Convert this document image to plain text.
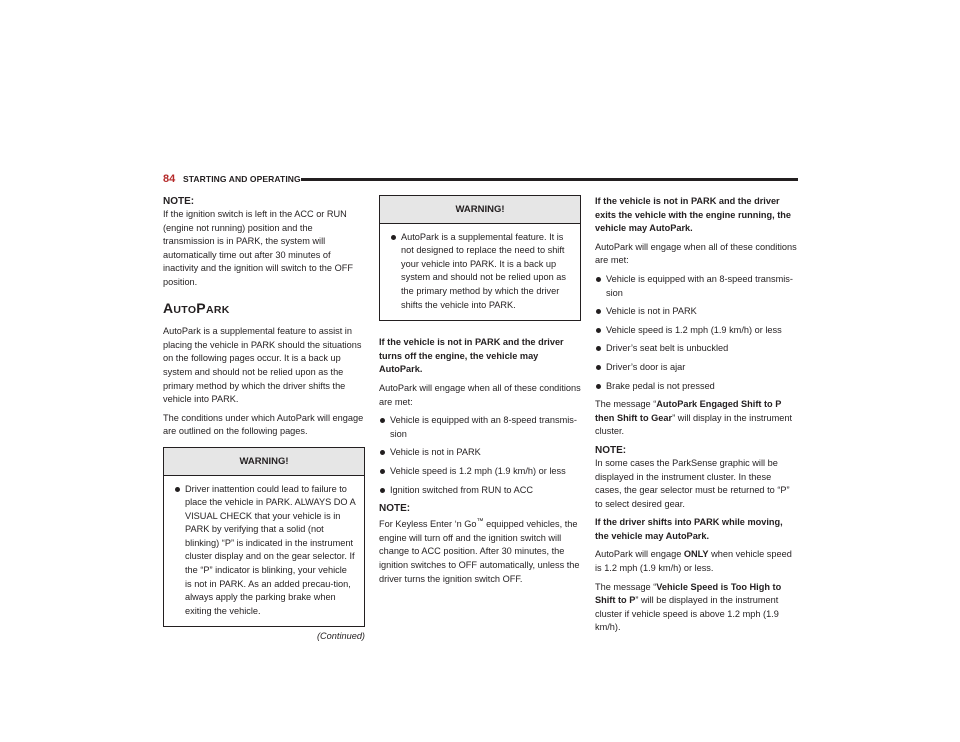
84 STARTING AND OPERATING
NOTE:

If the ignition switch is left in the ACC or RUN (engine not running) position and the transmission is in PARK, the system will automatically time out after 30 minutes of inactivity and the ignition will switch to the OFF position.

AUTOPARK

AutoPark is a supplemental feature to assist in placing the vehicle in PARK should the situations on the following pages occur. It is a back up system and should not be relied upon as the primary method by which the driver shifts the vehicle into PARK.

The conditions under which AutoPark will engage are outlined on the following pages.

WARNING!
Driver inattention could lead to failure to place the vehicle in PARK. ALWAYS DO A VISUAL CHECK that your vehicle is in PARK by verifying that a solid (not blinking) “P” is indicated in the instrument cluster display and on the gear selector. If the “P” indicator is blinking, your vehicle is not in PARK. As an added precau-tion, always apply the parking brake when exiting the vehicle.
(Continued)
WARNING!
AutoPark is a supplemental feature. It is not designed to replace the need to shift your vehicle into PARK. It is a back up system and should not be relied upon as the primary method by which the driver shifts the vehicle into PARK.

If the vehicle is not in PARK and the driver turns off the engine, the vehicle may AutoPark.

AutoPark will engage when all of these conditions are met:

Vehicle is equipped with an 8-speed transmis-sion
Vehicle is not in PARK
Vehicle speed is 1.2 mph (1.9 km/h) or less
Ignition switched from RUN to ACC
NOTE:

For Keyless Enter ‘n Go™ equipped vehicles, the engine will turn off and the ignition switch will change to ACC position. After 30 minutes, the ignition switches to OFF automatically, unless the driver turns the ignition switch OFF.

If the vehicle is not in PARK and the driver exits the vehicle with the engine running, the vehicle may AutoPark.

AutoPark will engage when all of these conditions are met:

Vehicle is equipped with an 8-speed transmis-sion
Vehicle is not in PARK
Vehicle speed is 1.2 mph (1.9 km/h) or less
Driver’s seat belt is unbuckled
Driver’s door is ajar
Brake pedal is not pressed

The message “AutoPark Engaged Shift to P then Shift to Gear” will display in the instrument cluster.

NOTE:

In some cases the ParkSense graphic will be displayed in the instrument cluster. In these cases, the gear selector must be returned to “P” to select desired gear.

If the driver shifts into PARK while moving, the vehicle may AutoPark.

AutoPark will engage ONLY when vehicle speed is 1.2 mph (1.9 km/h) or less.

The message “Vehicle Speed is Too High to Shift to P” will be displayed in the instrument cluster if vehicle speed is above 1.2 mph (1.9 km/h).
